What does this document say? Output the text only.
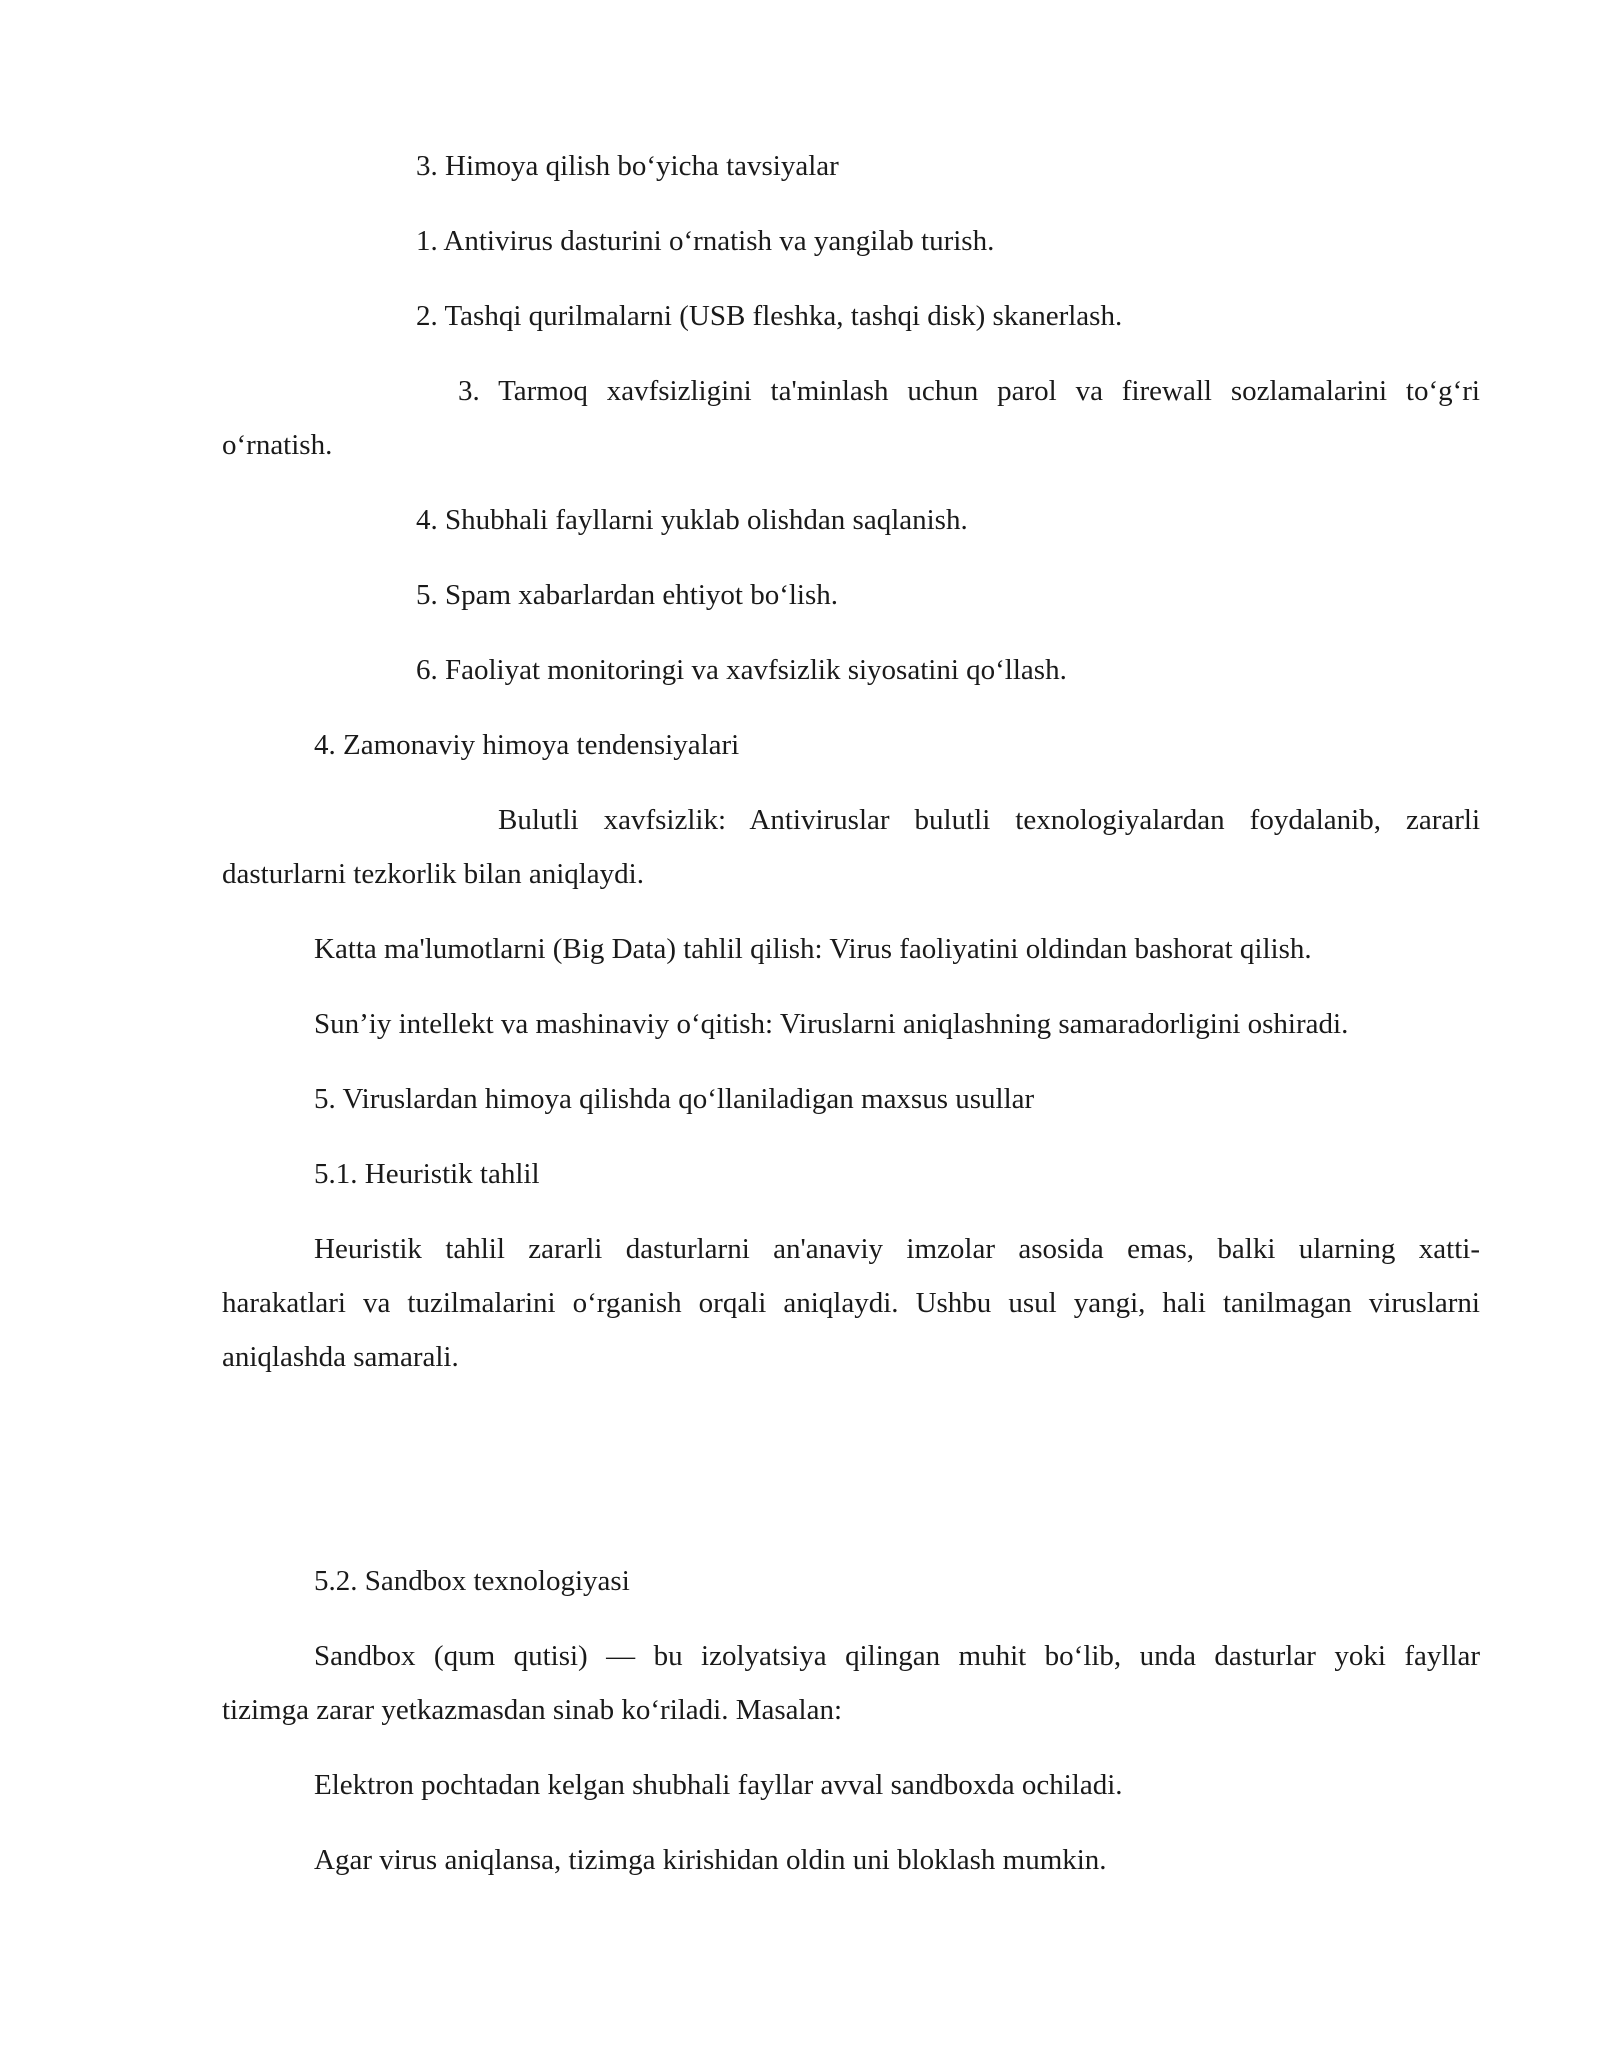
3. Himoya qilish bo‘yicha tavsiyalar
1. Antivirus dasturini o‘rnatish va yangilab turish.
2. Tashqi qurilmalarni (USB fleshka, tashqi disk) skanerlash.
3. Tarmoq xavfsizligini ta'minlash uchun parol va firewall sozlamalarini to‘g‘ri
o‘rnatish.
4. Shubhali fayllarni yuklab olishdan saqlanish.
5. Spam xabarlardan ehtiyot bo‘lish.
6. Faoliyat monitoringi va xavfsizlik siyosatini qo‘llash.
4. Zamonaviy himoya tendensiyalari
Bulutli xavfsizlik: Antiviruslar bulutli texnologiyalardan foydalanib, zararli
dasturlarni tezkorlik bilan aniqlaydi.
Katta ma'lumotlarni (Big Data) tahlil qilish: Virus faoliyatini oldindan bashorat qilish.
Sun’iy intellekt va mashinaviy o‘qitish: Viruslarni aniqlashning samaradorligini oshiradi.
5. Viruslardan himoya qilishda qo‘llaniladigan maxsus usullar
5.1. Heuristik tahlil
Heuristik tahlil zararli dasturlarni an'anaviy imzolar asosida emas, balki ularning xatti-
harakatlari va tuzilmalarini o‘rganish orqali aniqlaydi. Ushbu usul yangi, hali tanilmagan viruslarni
aniqlashda samarali.
5.2. Sandbox texnologiyasi
Sandbox (qum qutisi) — bu izolyatsiya qilingan muhit bo‘lib, unda dasturlar yoki fayllar
tizimga zarar yetkazmasdan sinab ko‘riladi. Masalan:
Elektron pochtadan kelgan shubhali fayllar avval sandboxda ochiladi.
Agar virus aniqlansa, tizimga kirishidan oldin uni bloklash mumkin.
